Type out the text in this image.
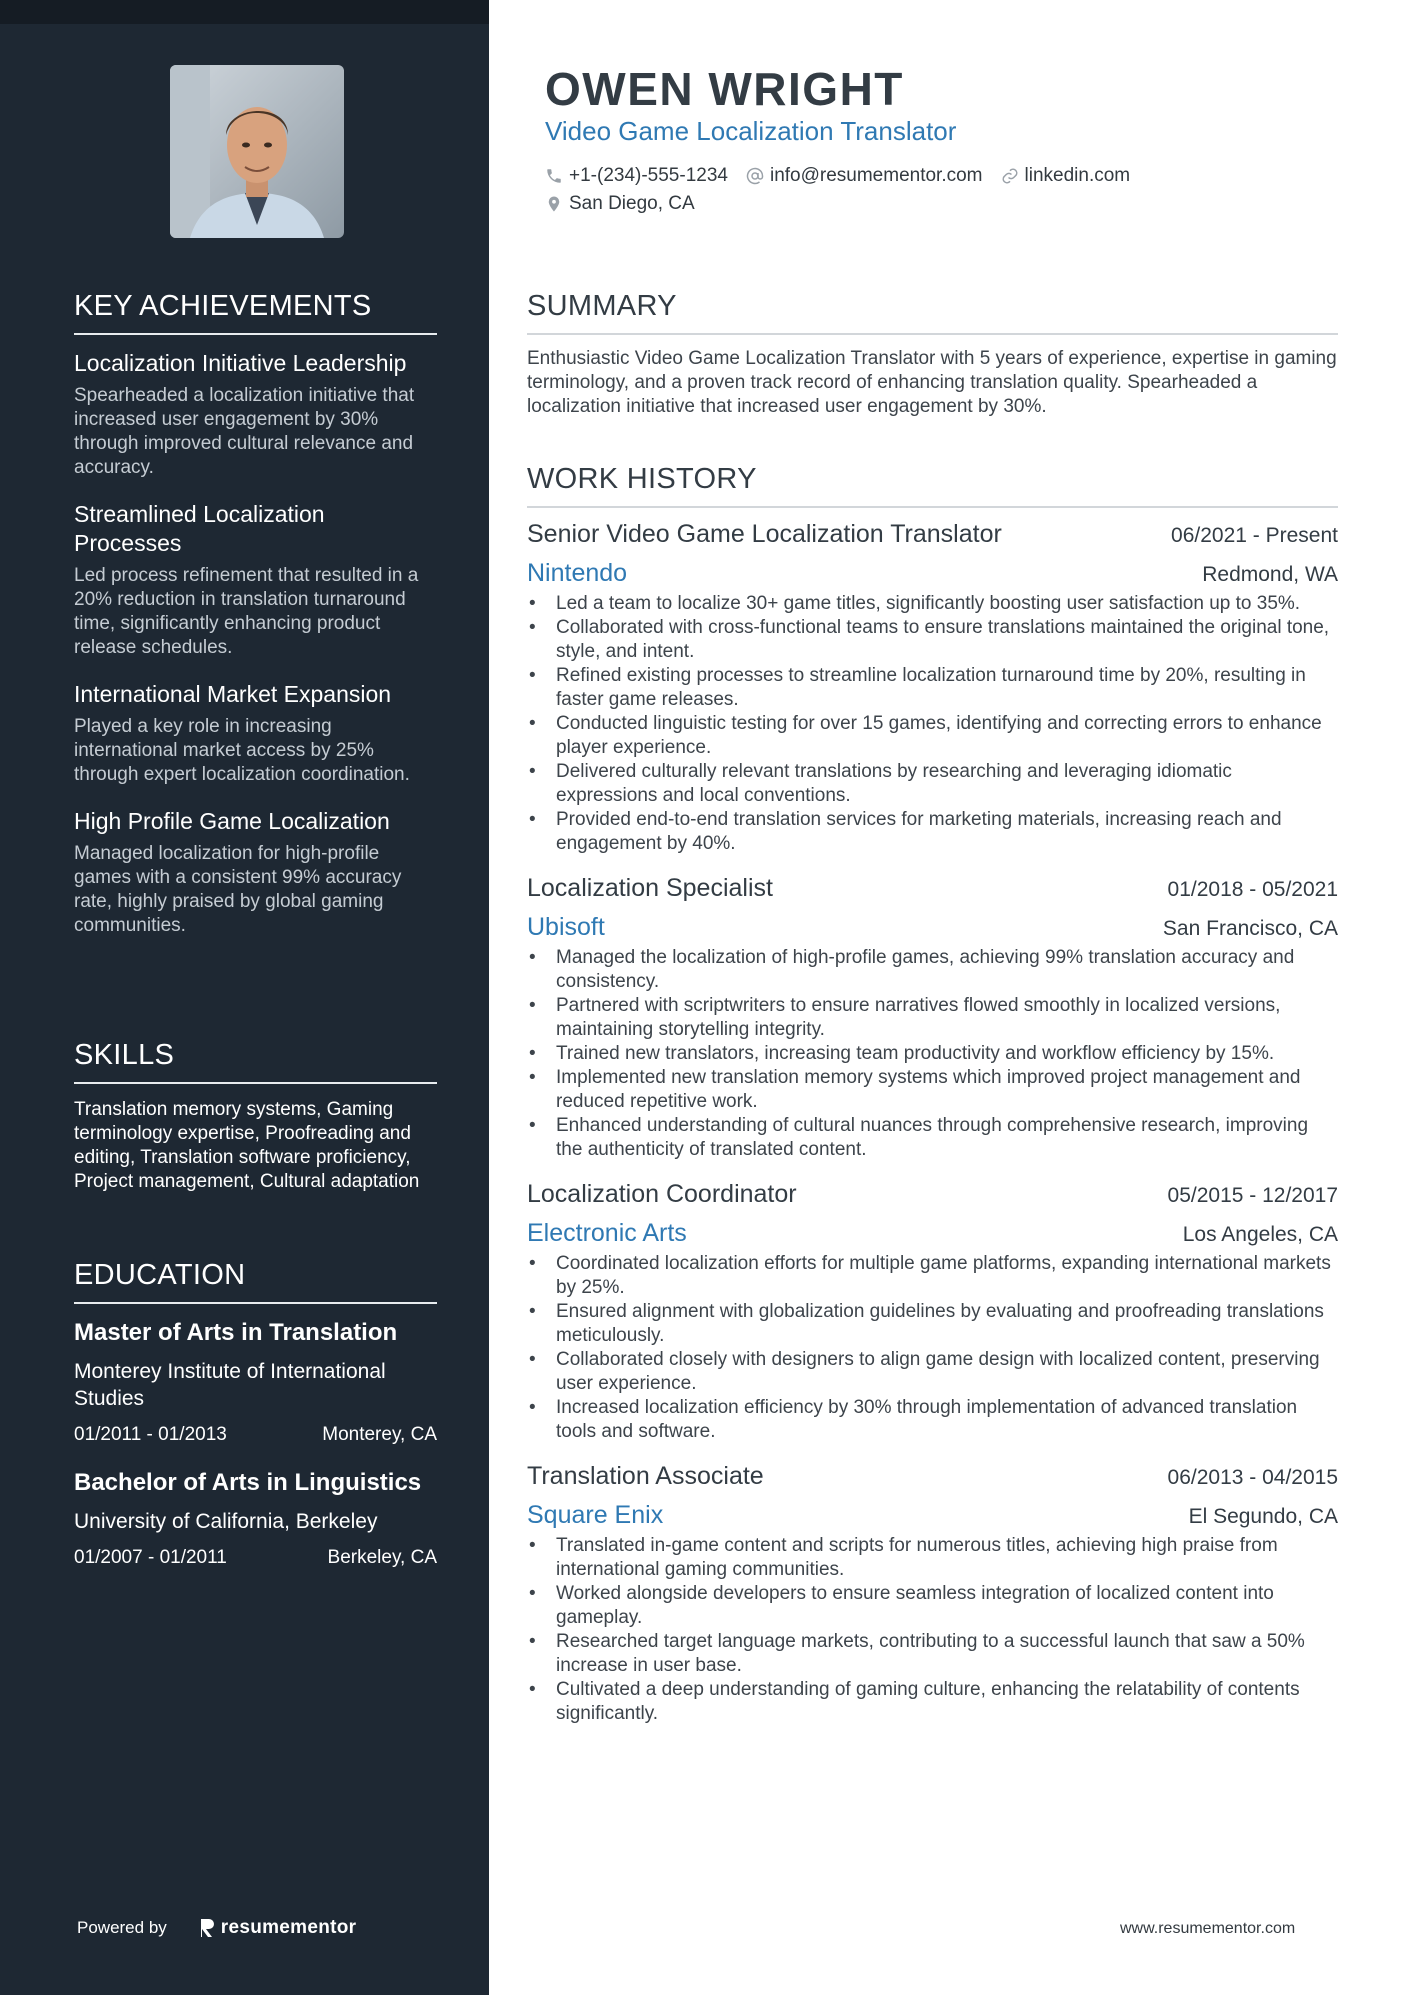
KEY ACHIEVEMENTS
Localization Initiative Leadership
Spearheaded a localization initiative that increased user engagement by 30% through improved cultural relevance and accuracy.
Streamlined Localization Processes
Led process refinement that resulted in a 20% reduction in translation turnaround time, significantly enhancing product release schedules.
International Market Expansion
Played a key role in increasing international market access by 25% through expert localization coordination.
High Profile Game Localization
Managed localization for high-profile games with a consistent 99% accuracy rate, highly praised by global gaming communities.
SKILLS
Translation memory systems, Gaming terminology expertise, Proofreading and editing, Translation software proficiency, Project management, Cultural adaptation
EDUCATION
Master of Arts in Translation
Monterey Institute of International Studies
01/2011 - 01/2013	Monterey, CA
Bachelor of Arts in Linguistics
University of California, Berkeley
01/2007 - 01/2011	Berkeley, CA
Powered by	resumementor
OWEN WRIGHT
Video Game Localization Translator
+1-(234)-555-1234 info@resumementor.com linkedin.com
San Diego, CA
SUMMARY
Enthusiastic Video Game Localization Translator with 5 years of experience, expertise in gaming terminology, and a proven track record of enhancing translation quality. Spearheaded a localization initiative that increased user engagement by 30%.
WORK HISTORY
Senior Video Game Localization Translator	06/2021 - Present
Nintendo	Redmond, WA
• Led a team to localize 30+ game titles, significantly boosting user satisfaction up to 35%.
• Collaborated with cross-functional teams to ensure translations maintained the original tone, style, and intent.
• Refined existing processes to streamline localization turnaround time by 20%, resulting in faster game releases.
• Conducted linguistic testing for over 15 games, identifying and correcting errors to enhance player experience.
• Delivered culturally relevant translations by researching and leveraging idiomatic expressions and local conventions.
• Provided end-to-end translation services for marketing materials, increasing reach and engagement by 40%.
Localization Specialist	01/2018 - 05/2021
Ubisoft	San Francisco, CA
• Managed the localization of high-profile games, achieving 99% translation accuracy and consistency.
• Partnered with scriptwriters to ensure narratives flowed smoothly in localized versions, maintaining storytelling integrity.
• Trained new translators, increasing team productivity and workflow efficiency by 15%.
• Implemented new translation memory systems which improved project management and reduced repetitive work.
• Enhanced understanding of cultural nuances through comprehensive research, improving the authenticity of translated content.
Localization Coordinator	05/2015 - 12/2017
Electronic Arts	Los Angeles, CA
• Coordinated localization efforts for multiple game platforms, expanding international markets by 25%.
• Ensured alignment with globalization guidelines by evaluating and proofreading translations meticulously.
• Collaborated closely with designers to align game design with localized content, preserving user experience.
• Increased localization efficiency by 30% through implementation of advanced translation tools and software.
Translation Associate	06/2013 - 04/2015
Square Enix	El Segundo, CA
• Translated in-game content and scripts for numerous titles, achieving high praise from international gaming communities.
• Worked alongside developers to ensure seamless integration of localized content into gameplay.
• Researched target language markets, contributing to a successful launch that saw a 50% increase in user base.
• Cultivated a deep understanding of gaming culture, enhancing the relatability of contents significantly.
www.resumementor.com
